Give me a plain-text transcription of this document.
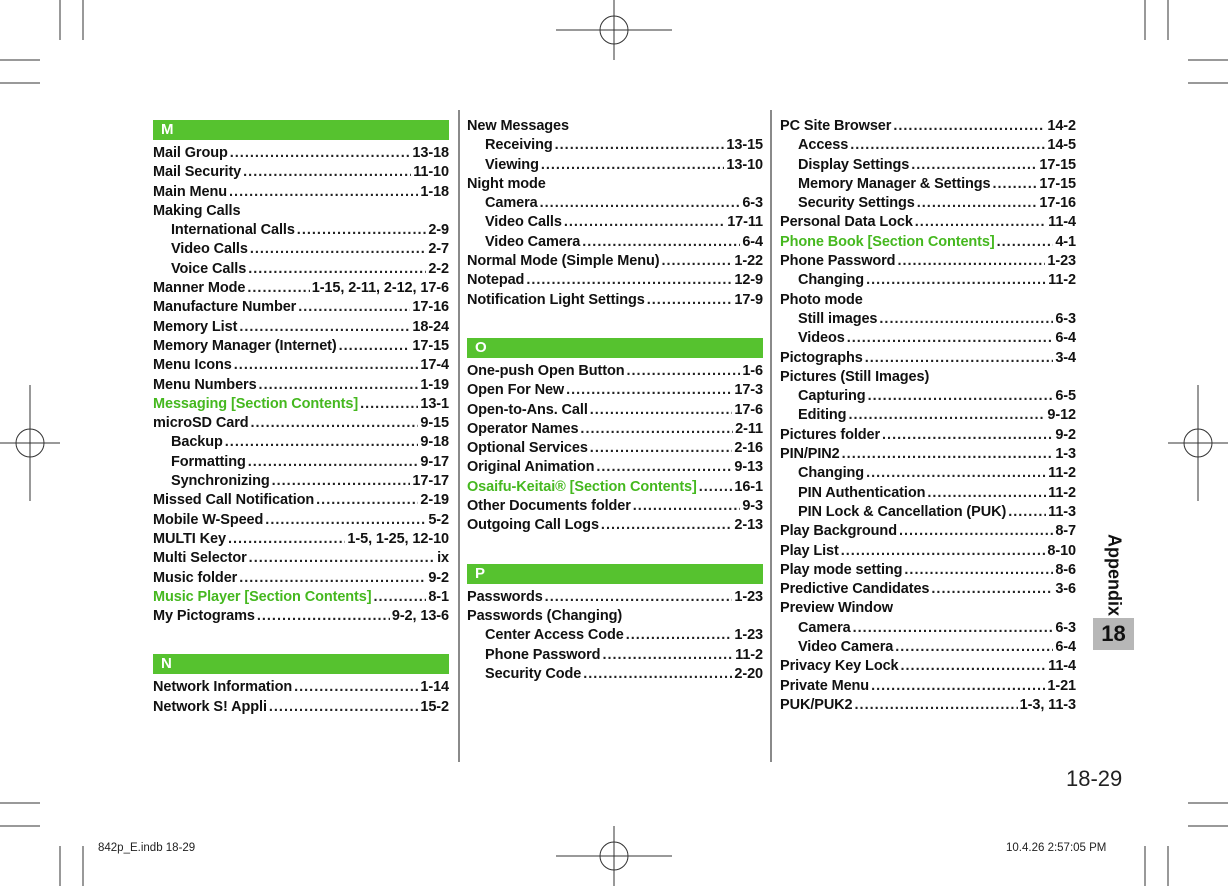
M
Mail Group .....	13-18
Mail Security .....	11-10
Main Menu .....	1-18
Making Calls
International Calls .....	2-9
Video Calls .....	2-7
Voice Calls .....	2-2
Manner Mode .....	1-15, 2-11, 2-12, 17-6
Manufacture Number .....	17-16
Memory List .....	18-24
Memory Manager (Internet) .....	17-15
Menu Icons .....	17-4
Menu Numbers .....	1-19
Messaging [Section Contents] .....	13-1
microSD Card .....	9-15
Backup .....	9-18
Formatting .....	9-17
Synchronizing .....	17-17
Missed Call Notification .....	2-19
Mobile W-Speed .....	5-2
MULTI Key .....	1-5, 1-25, 12-10
Multi Selector .....	ix
Music folder .....	9-2
Music Player [Section Contents] .....	8-1
My Pictograms .....	9-2, 13-6
N
Network Information .....	1-14
Network S! Appli .....	15-2
New Messages
Receiving .....	13-15
Viewing .....	13-10
Night mode
Camera .....	6-3
Video Calls .....	17-11
Video Camera .....	6-4
Normal Mode (Simple Menu) .....	1-22
Notepad .....	12-9
Notification Light Settings .....	17-9
O
One-push Open Button .....	1-6
Open For New .....	17-3
Open-to-Ans. Call .....	17-6
Operator Names .....	2-11
Optional Services .....	2-16
Original Animation .....	9-13
Osaifu-Keitai® [Section Contents] .....	16-1
Other Documents folder .....	9-3
Outgoing Call Logs .....	2-13
P
Passwords .....	1-23
Passwords (Changing)
Center Access Code .....	1-23
Phone Password .....	11-2
Security Code .....	2-20
PC Site Browser .....	14-2
Access .....	14-5
Display Settings .....	17-15
Memory Manager & Settings .....	17-15
Security Settings .....	17-16
Personal Data Lock .....	11-4
Phone Book [Section Contents] .....	4-1
Phone Password .....	1-23
Changing .....	11-2
Photo mode
Still images .....	6-3
Videos .....	6-4
Pictographs .....	3-4
Pictures (Still Images)
Capturing .....	6-5
Editing .....	9-12
Pictures folder .....	9-2
PIN/PIN2 .....	1-3
Changing .....	11-2
PIN Authentication .....	11-2
PIN Lock & Cancellation (PUK) .....	11-3
Play Background .....	8-7
Play List .....	8-10
Play mode setting .....	8-6
Predictive Candidates .....	3-6
Preview Window
Camera .....	6-3
Video Camera .....	6-4
Privacy Key Lock .....	11-4
Private Menu .....	1-21
PUK/PUK2 .....	1-3, 11-3
Appendix
18
18-29
842p_E.indb 18-29	10.4.26 2:57:05 PM
